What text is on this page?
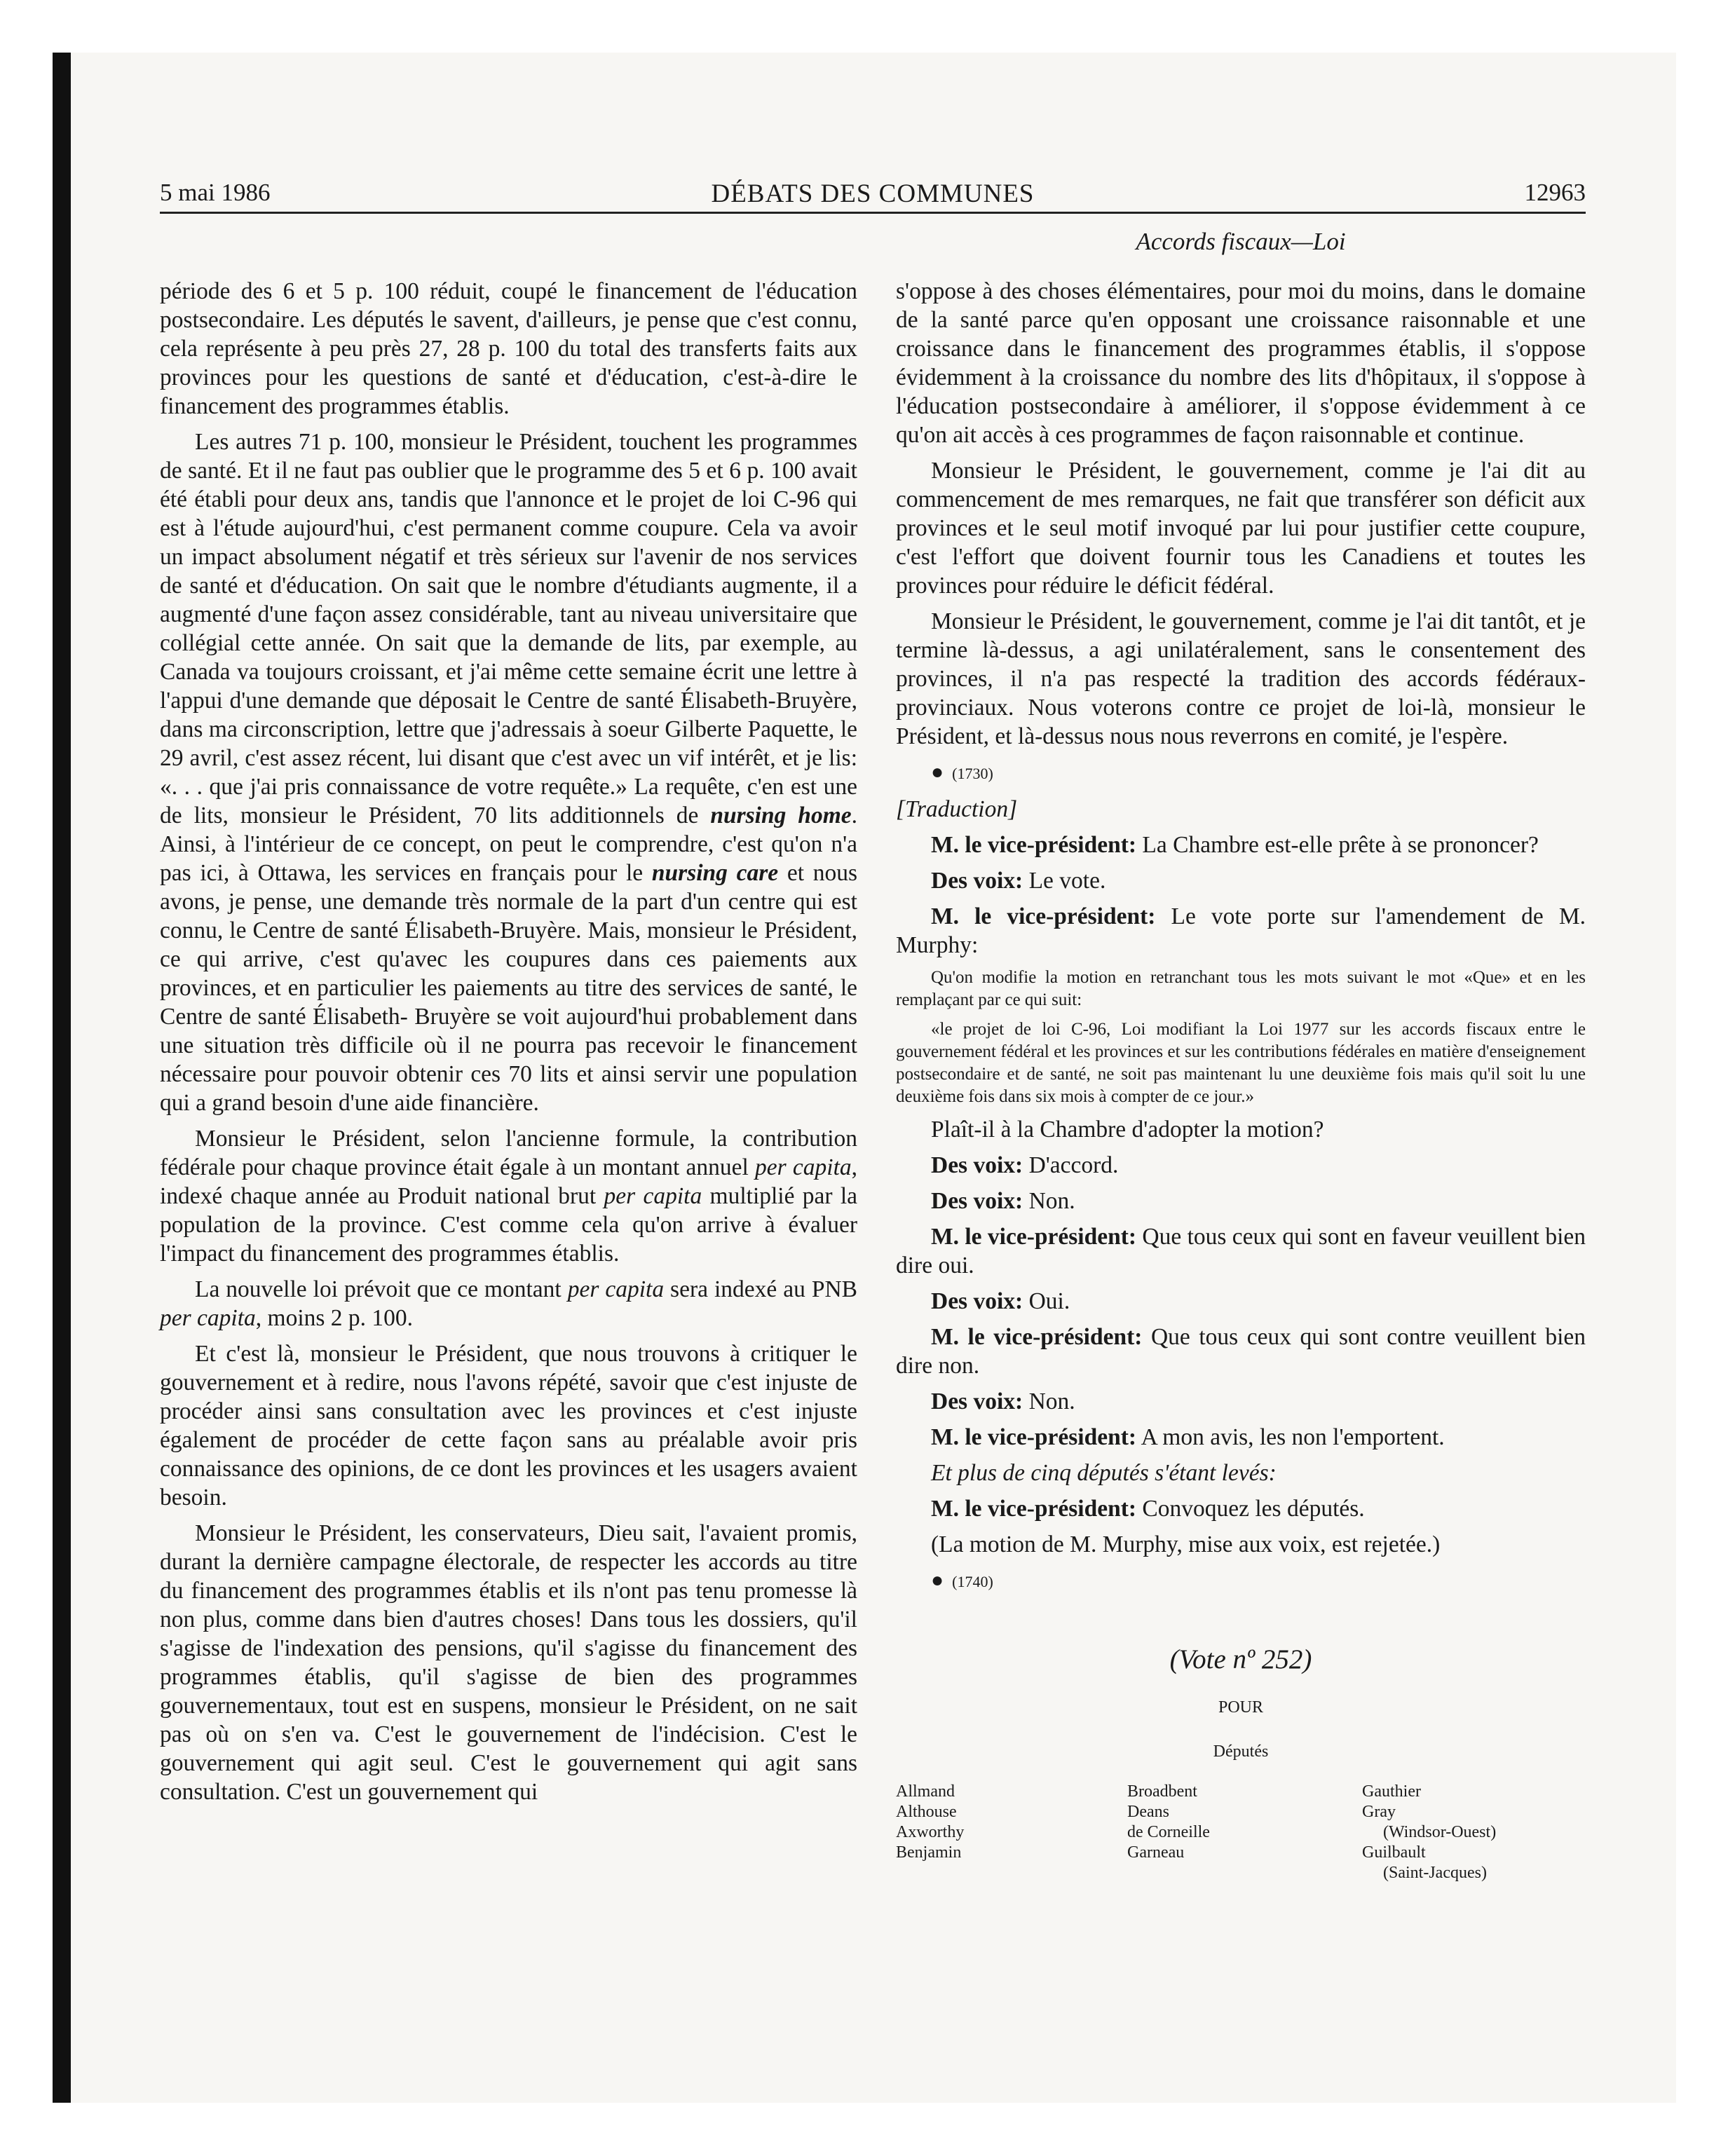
5 mai 1986	DÉBATS DES COMMUNES	12963
Accords fiscaux—Loi

période des 6 et 5 p. 100 réduit, coupé le financement de l'éducation postsecondaire. Les députés le savent, d'ailleurs, je pense que c'est connu, cela représente à peu près 27, 28 p. 100 du total des transferts faits aux provinces pour les questions de santé et d'éducation, c'est-à-dire le financement des programmes établis.

Les autres 71 p. 100, monsieur le Président, touchent les programmes de santé. Et il ne faut pas oublier que le programme des 5 et 6 p. 100 avait été établi pour deux ans, tandis que l'annonce et le projet de loi C-96 qui est à l'étude aujourd'hui, c'est permanent comme coupure. Cela va avoir un impact absolument négatif et très sérieux sur l'avenir de nos services de santé et d'éducation. On sait que le nombre d'étudiants augmente, il a augmenté d'une façon assez considérable, tant au niveau universitaire que collégial cette année. On sait que la demande de lits, par exemple, au Canada va toujours croissant, et j'ai même cette semaine écrit une lettre à l'appui d'une demande que déposait le Centre de santé Élisabeth-Bruyère, dans ma circonscription, lettre que j'adressais à soeur Gilberte Paquette, le 29 avril, c'est assez récent, lui disant que c'est avec un vif intérêt, et je lis: «. . . que j'ai pris connaissance de votre requête.» La requête, c'en est une de lits, monsieur le Président, 70 lits additionnels de nursing home. Ainsi, à l'intérieur de ce concept, on peut le comprendre, c'est qu'on n'a pas ici, à Ottawa, les services en français pour le nursing care et nous avons, je pense, une demande très normale de la part d'un centre qui est connu, le Centre de santé Élisabeth-Bruyère. Mais, monsieur le Président, ce qui arrive, c'est qu'avec les coupures dans ces paiements aux provinces, et en particulier les paiements au titre des services de santé, le Centre de santé Élisabeth- Bruyère se voit aujourd'hui probablement dans une situation très difficile où il ne pourra pas recevoir le financement nécessaire pour pouvoir obtenir ces 70 lits et ainsi servir une population qui a grand besoin d'une aide financière.

Monsieur le Président, selon l'ancienne formule, la contribution fédérale pour chaque province était égale à un montant annuel per capita, indexé chaque année au Produit national brut per capita multiplié par la population de la province. C'est comme cela qu'on arrive à évaluer l'impact du financement des programmes établis.

La nouvelle loi prévoit que ce montant per capita sera indexé au PNB per capita, moins 2 p. 100.

Et c'est là, monsieur le Président, que nous trouvons à critiquer le gouvernement et à redire, nous l'avons répété, savoir que c'est injuste de procéder ainsi sans consultation avec les provinces et c'est injuste également de procéder de cette façon sans au préalable avoir pris connaissance des opinions, de ce dont les provinces et les usagers avaient besoin.

Monsieur le Président, les conservateurs, Dieu sait, l'avaient promis, durant la dernière campagne électorale, de respecter les accords au titre du financement des programmes établis et ils n'ont pas tenu promesse là non plus, comme dans bien d'autres choses! Dans tous les dossiers, qu'il s'agisse de l'indexation des pensions, qu'il s'agisse du financement des programmes établis, qu'il s'agisse de bien des programmes gouvernementaux, tout est en suspens, monsieur le Président, on ne sait pas où on s'en va. C'est le gouvernement de l'indécision. C'est le gouvernement qui agit seul. C'est le gouvernement qui agit sans consultation. C'est un gouvernement qui

s'oppose à des choses élémentaires, pour moi du moins, dans le domaine de la santé parce qu'en opposant une croissance raisonnable et une croissance dans le financement des programmes établis, il s'oppose évidemment à la croissance du nombre des lits d'hôpitaux, il s'oppose à l'éducation postsecondaire à améliorer, il s'oppose évidemment à ce qu'on ait accès à ces programmes de façon raisonnable et continue.

Monsieur le Président, le gouvernement, comme je l'ai dit au commencement de mes remarques, ne fait que transférer son déficit aux provinces et le seul motif invoqué par lui pour justifier cette coupure, c'est l'effort que doivent fournir tous les Canadiens et toutes les provinces pour réduire le déficit fédéral.

Monsieur le Président, le gouvernement, comme je l'ai dit tantôt, et je termine là-dessus, a agi unilatéralement, sans le consentement des provinces, il n'a pas respecté la tradition des accords fédéraux-provinciaux. Nous voterons contre ce projet de loi-là, monsieur le Président, et là-dessus nous nous reverrons en comité, je l'espère.

● (1730)

[Traduction]

M. le vice-président: La Chambre est-elle prête à se prononcer?

Des voix: Le vote.

M. le vice-président: Le vote porte sur l'amendement de M. Murphy:

Qu'on modifie la motion en retranchant tous les mots suivant le mot «Que» et en les remplaçant par ce qui suit:

«le projet de loi C-96, Loi modifiant la Loi 1977 sur les accords fiscaux entre le gouvernement fédéral et les provinces et sur les contributions fédérales en matière d'enseignement postsecondaire et de santé, ne soit pas maintenant lu une deuxième fois mais qu'il soit lu une deuxième fois dans six mois à compter de ce jour.»

Plaît-il à la Chambre d'adopter la motion?

Des voix: D'accord.

Des voix: Non.

M. le vice-président: Que tous ceux qui sont en faveur veuillent bien dire oui.

Des voix: Oui.

M. le vice-président: Que tous ceux qui sont contre veuillent bien dire non.

Des voix: Non.

M. le vice-président: A mon avis, les non l'emportent.

Et plus de cinq députés s'étant levés:

M. le vice-président: Convoquez les députés.

(La motion de M. Murphy, mise aux voix, est rejetée.)

● (1740)

(Vote nº 252)
POUR
Députés
Allmand
Althouse
Axworthy
Benjamin
Broadbent
Deans
de Corneille
Garneau
Gauthier
Gray
(Windsor-Ouest)
Guilbault
(Saint-Jacques)
